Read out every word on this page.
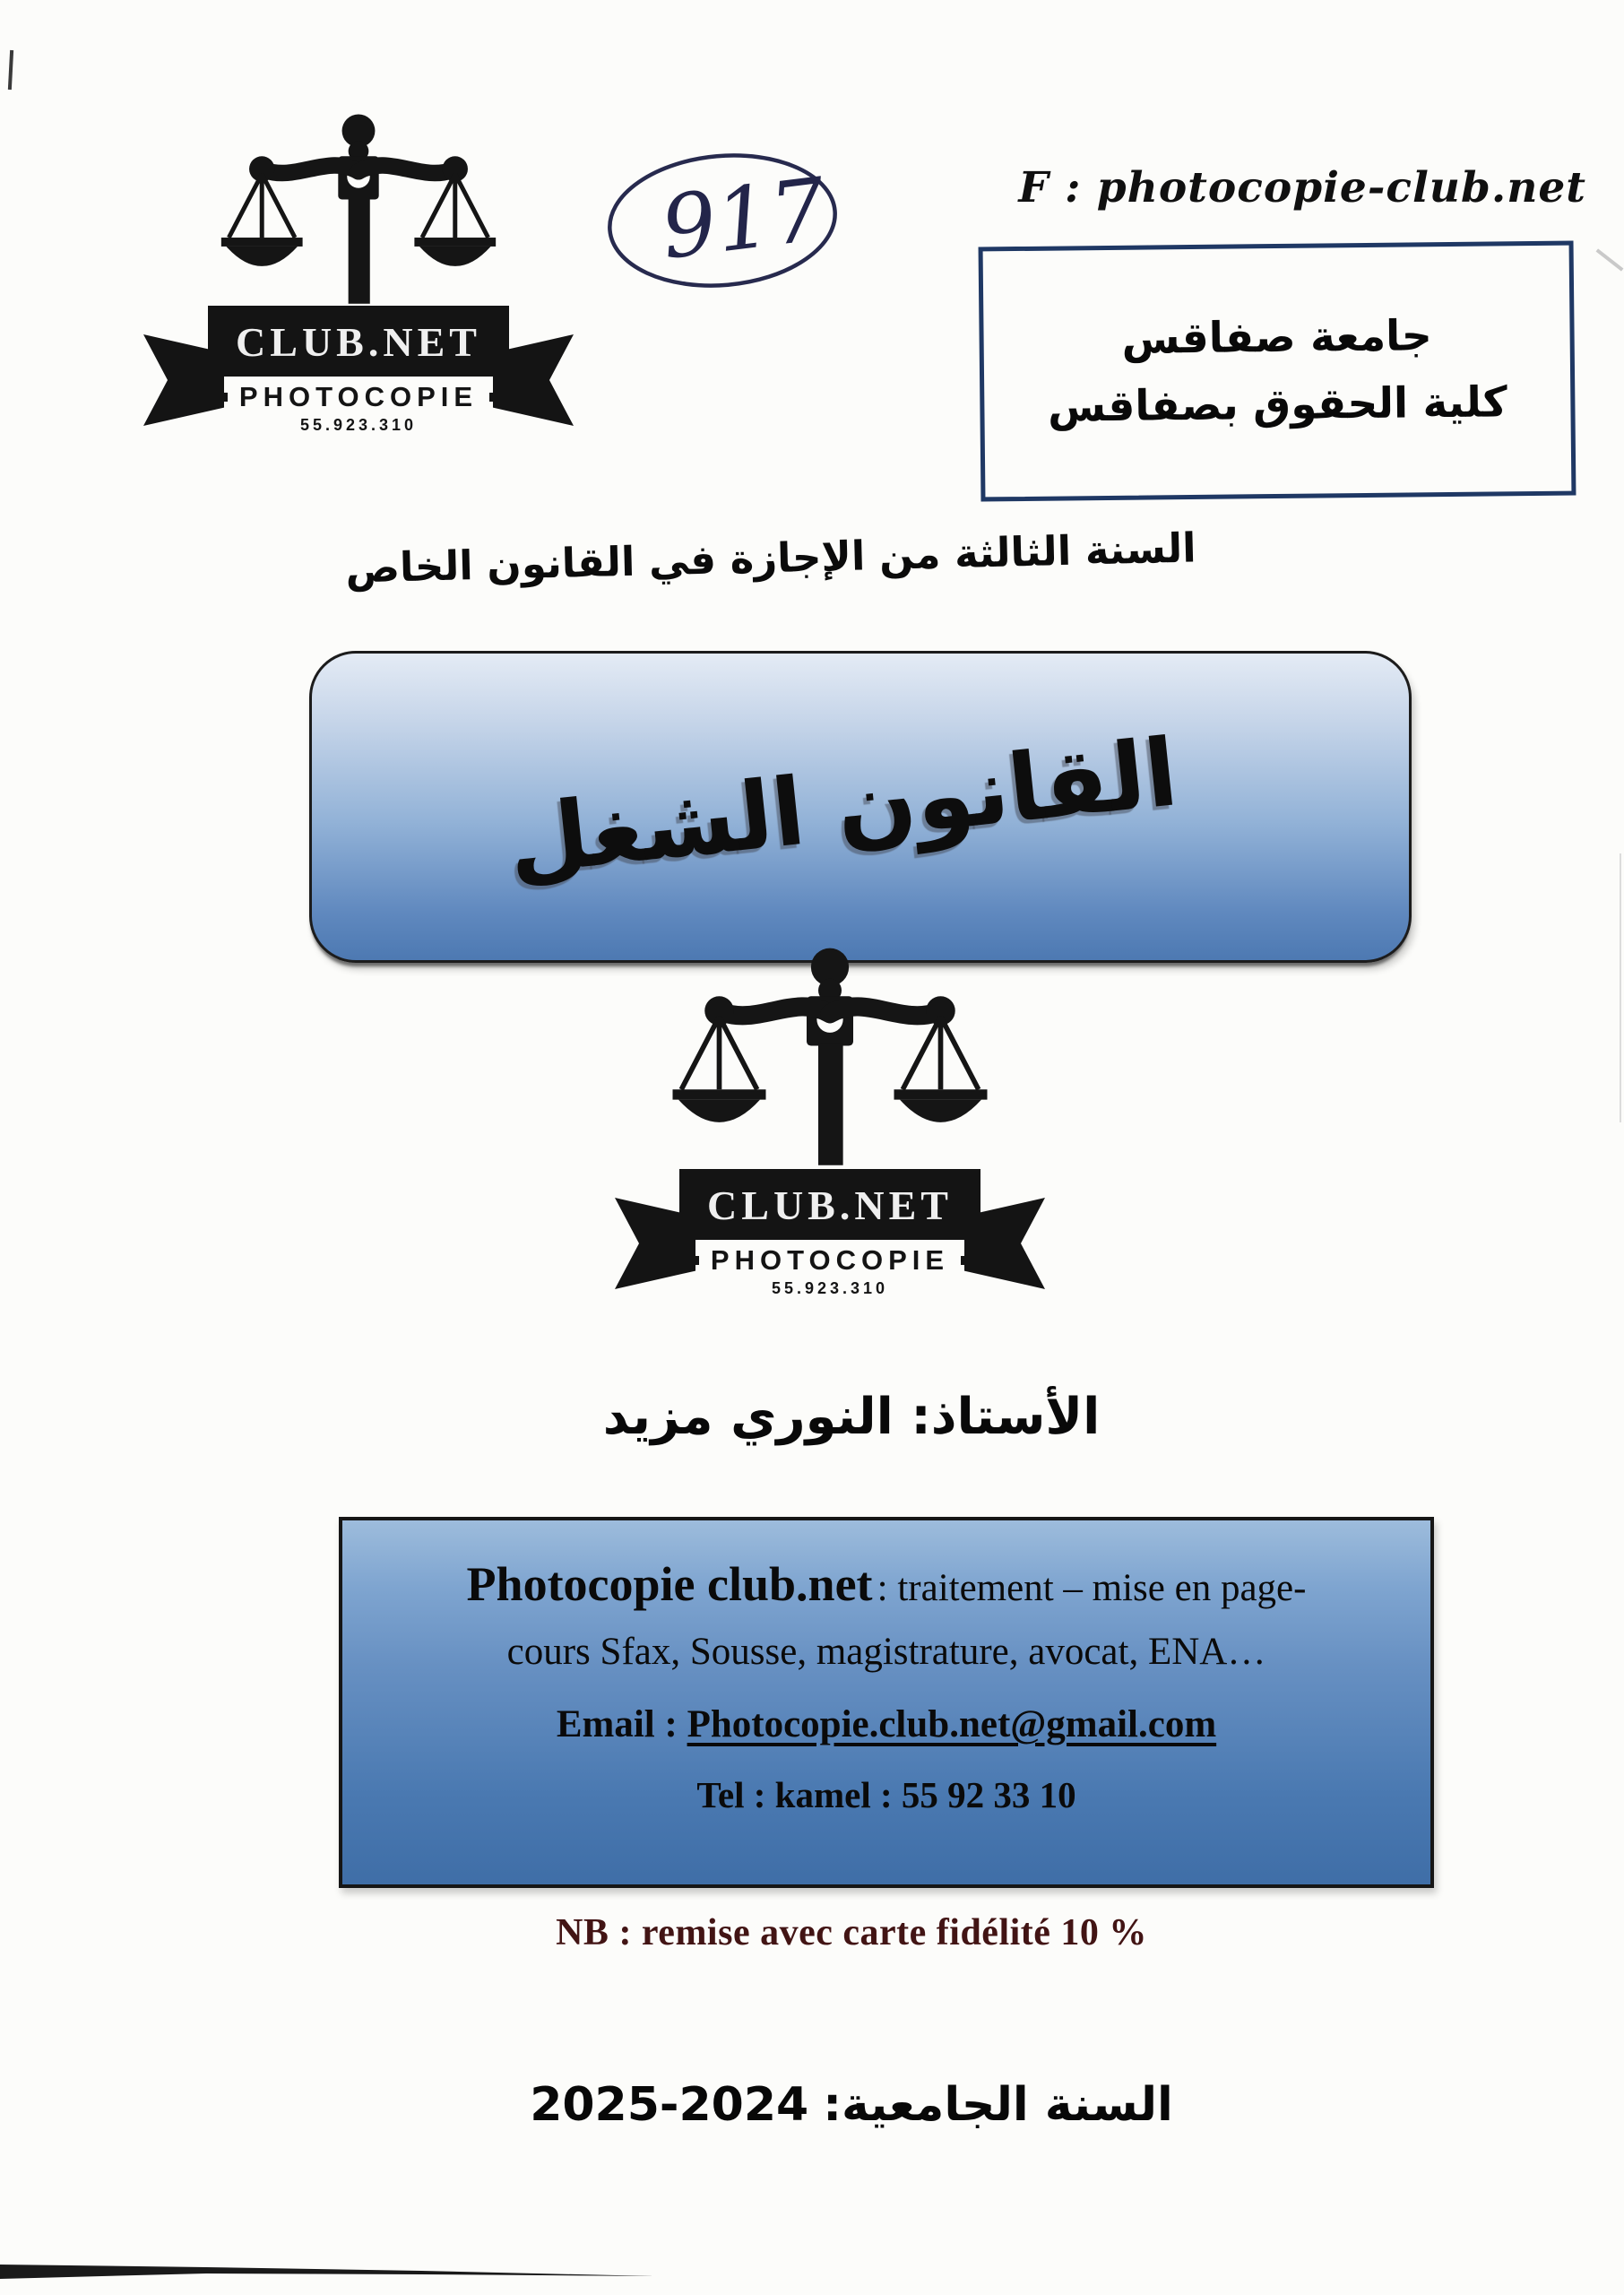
CLUB.NET
PHOTOCOPIE
55.923.310
917	F : photocopie-club.net
جامعة صفاقس
كلية الحقوق بصفاقس
السنة الثالثة من الإجازة في القانون الخاص
القانون الشغل
CLUB.NET
PHOTOCOPIE
55.923.310
الأستاذ: النوري مزيد
Photocopie club.net : traitement – mise en page-
cours Sfax, Sousse, magistrature, avocat, ENA…
Email : Photocopie.club.net@gmail.com
Tel : kamel : 55 92 33 10
NB : remise avec carte fidélité 10 %
السنة الجامعية:
2025-2024
